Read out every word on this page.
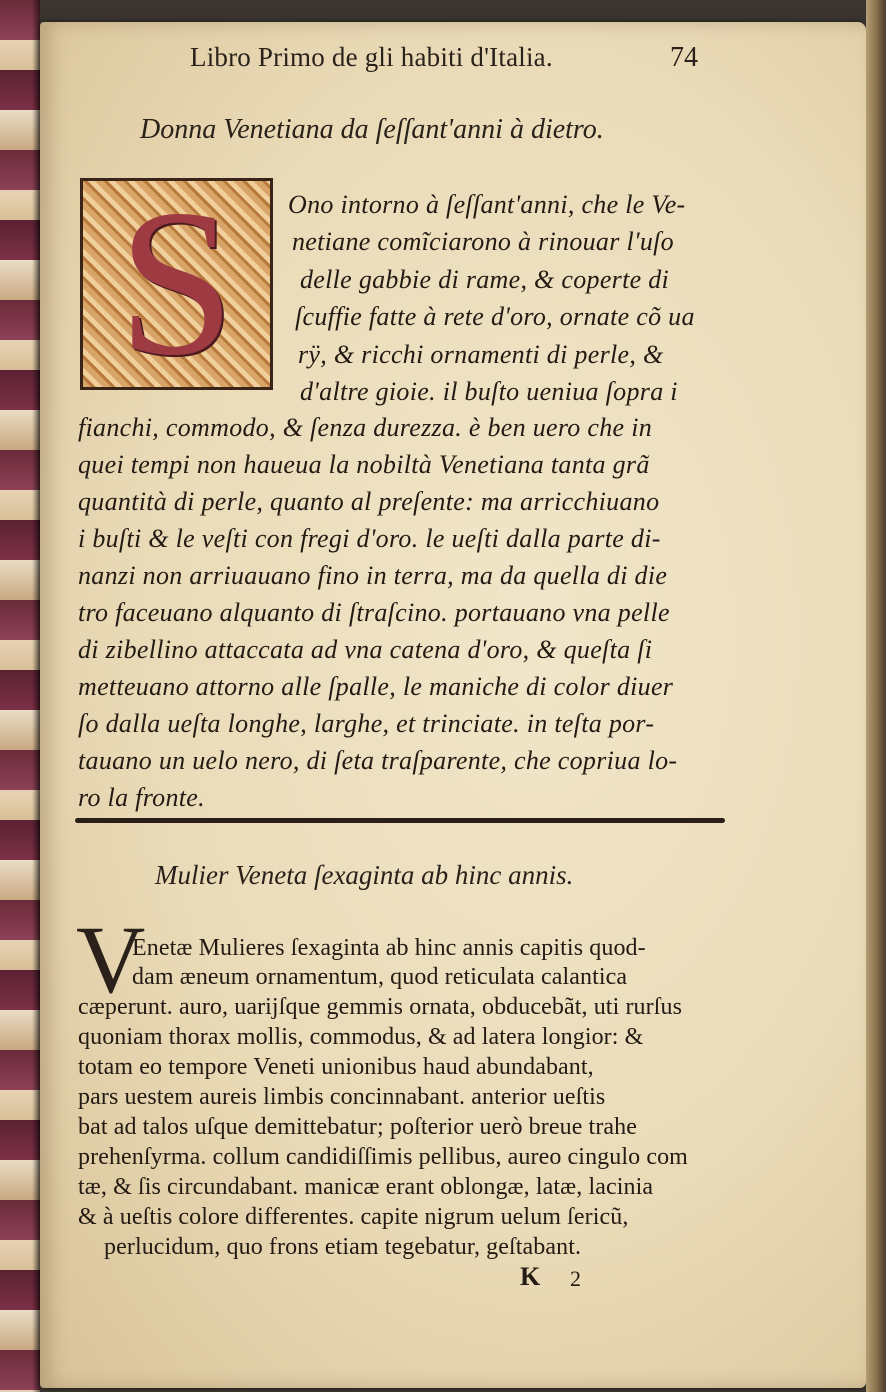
Libro Primo de gli habiti d'Italia.	74
Donna Venetiana da ſeſſant'anni à dietro.
S	Ono intorno à ſeſſant'anni, che le Ve-
netiane comĩciarono à rinouar l'uſo
delle gabbie di rame, & coperte di
ſcuffie fatte à rete d'oro, ornate cõ ua
rÿ, & ricchi ornamenti di perle, &
d'altre gioie. il buſto ueniua ſopra i
fianchi, commodo, & ſenza durezza. è ben uero che in
quei tempi non haueua la nobiltà Venetiana tanta grã
quantità di perle, quanto al preſente: ma arricchiuano
i buſti & le veſti con fregi d'oro. le ueſti dalla parte di-
nanzi non arriuauano fino in terra, ma da quella di die
tro faceuano alquanto di ſtraſcino. portauano vna pelle
di zibellino attaccata ad vna catena d'oro, & queſta ſi
metteuano attorno alle ſpalle, le maniche di color diuer
ſo dalla ueſta longhe, larghe, et trinciate. in teſta por-
tauano un uelo nero, di ſeta traſparente, che copriua lo-
ro la fronte.
Mulier Veneta ſexaginta ab hinc annis.
V
Enetæ Mulieres ſexaginta ab hinc annis capitis quod-
dam æneum ornamentum, quod reticulata calantica
cæperunt. auro, uarijſque gemmis ornata, obducebãt, uti rurſus
quoniam thorax mollis, commodus, & ad latera longior: &
totam eo tempore Veneti unionibus haud abundabant,
pars uestem aureis limbis concinnabant. anterior ueſtis
bat ad talos uſque demittebatur; poſterior uerò breue trahe
prehenſyrma. collum candidiſſimis pellibus, aureo cingulo com
tæ, & ſis circundabant. manicæ erant oblongæ, latæ, lacinia
& à ueſtis colore differentes. capite nigrum uelum ſericũ,
perlucidum, quo frons etiam tegebatur, geſtabant.
K 2
